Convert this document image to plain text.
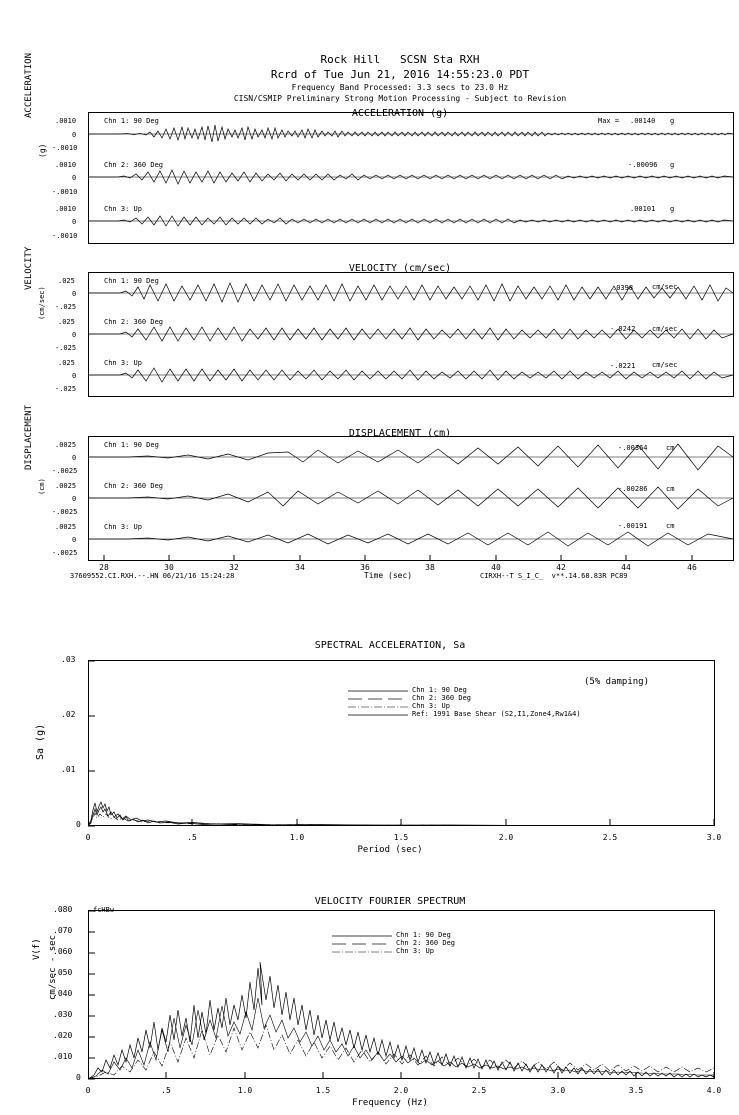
Rock Hill   SCSN Sta RXH
Rcrd of Tue Jun 21, 2016 14:55:23.0 PDT
Frequency Band Processed: 3.3 secs to 23.0 Hz
CISN/CSMIP Preliminary Strong Motion Processing - Subject to Revision
ACCELERATION (g)
ACCELERATION
(g)
.0010
0
-.0010
.0010
0
-.0010
.0010
0
-.0010
Chn 1: 90 Deg
Chn 2: 360 Deg
Chn 3: Up
Max = .00140 g
-.00096 g
.00101 g
VELOCITY (cm/sec)
VELOCITY
(cm/sec)
.025
0
-.025
.025
0
-.025
.025
0
-.025
Chn 1: 90 Deg
Chn 2: 360 Deg
Chn 3: Up
.0398	cm/sec
-.0242 cm/sec
-.0221 cm/sec
DISPLACEMENT (cm)
DISPLACEMENT
(cm)
.0025
0
-.0025
.0025
0
-.0025
.0025
0
-.0025
Chn 1: 90 Deg
Chn 2: 360 Deg
Chn 3: Up
-.00364	cm
-.00286	cm
-.00191	cm
28	30	32	34	36	38	40	42	44	46
37609552.CI.RXH.--.HN 06/21/16 15:24:28	Time (sec)	CIRXH--T S_I_C_  v**.14.68.83R PC89
SPECTRAL ACCELERATION, Sa
Sa (g)
.03
.02
.01
0
0	.5	1.0	1.5	2.0	2.5	3.0
Period (sec)
(5% damping)
Chn 1: 90 Deg
Chn 2: 360 Deg
Chn 3: Up
Ref: 1991 Base Shear (S2,I1,Zone4,Rw1&4)
VELOCITY FOURIER SPECTRUM
V(f) cm/sec - sec
.080
.070
.060
.050
.040
.030
.020
.010
0
fcHBw
0	.5	1.0	1.5	2.0	2.5	3.0	3.5	4.0
Frequency (Hz)
Chn 1: 90 Deg
Chn 2: 360 Deg
Chn 3: Up
